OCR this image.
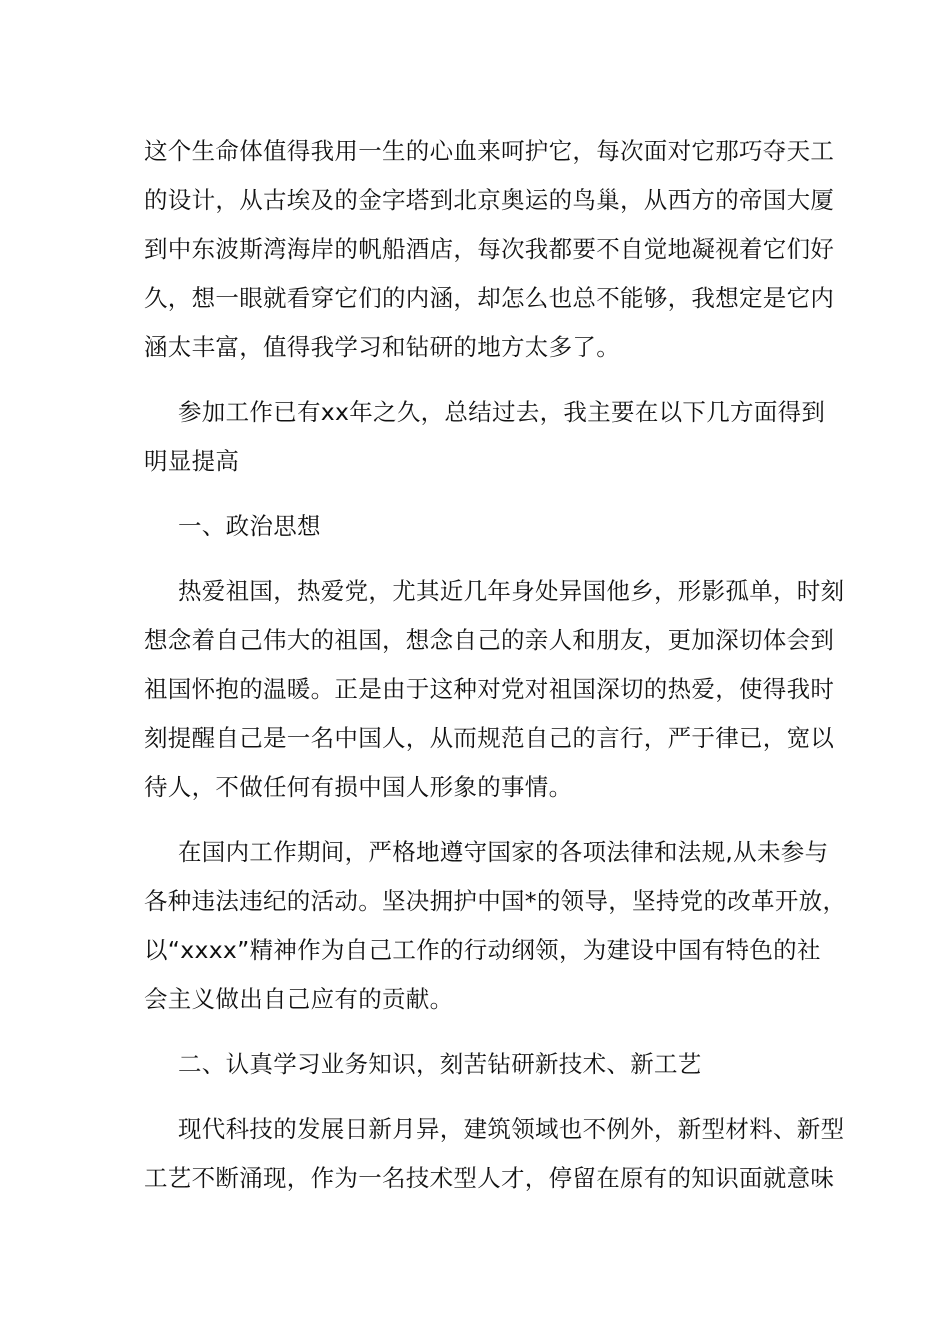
这个生命体值得我用一生的心血来呵护它，每次面对它那巧夺天工
的设计，从古埃及的金字塔到北京奥运的鸟巢，从西方的帝国大厦
到中东波斯湾海岸的帆船酒店，每次我都要不自觉地凝视着它们好
久，想一眼就看穿它们的内涵，却怎么也总不能够，我想定是它内
涵太丰富，值得我学习和钻研的地方太多了。

参加工作已有xx年之久，总结过去，我主要在以下几方面得到
明显提高

一、政治思想

热爱祖国，热爱党，尤其近几年身处异国他乡，形影孤单，时刻
想念着自己伟大的祖国，想念自己的亲人和朋友，更加深切体会到
祖国怀抱的温暖。正是由于这种对党对祖国深切的热爱，使得我时
刻提醒自己是一名中国人，从而规范自己的言行，严于律已，宽以
待人，不做任何有损中国人形象的事情。

在国内工作期间，严格地遵守国家的各项法律和法规,从未参与
各种违法违纪的活动。坚决拥护中国*的领导，坚持党的改革开放，
以“xxxx”精神作为自己工作的行动纲领，为建设中国有特色的社
会主义做出自己应有的贡献。

二、认真学习业务知识，刻苦钻研新技术、新工艺

现代科技的发展日新月异，建筑领域也不例外，新型材料、新型
工艺不断涌现，作为一名技术型人才，停留在原有的知识面就意味
